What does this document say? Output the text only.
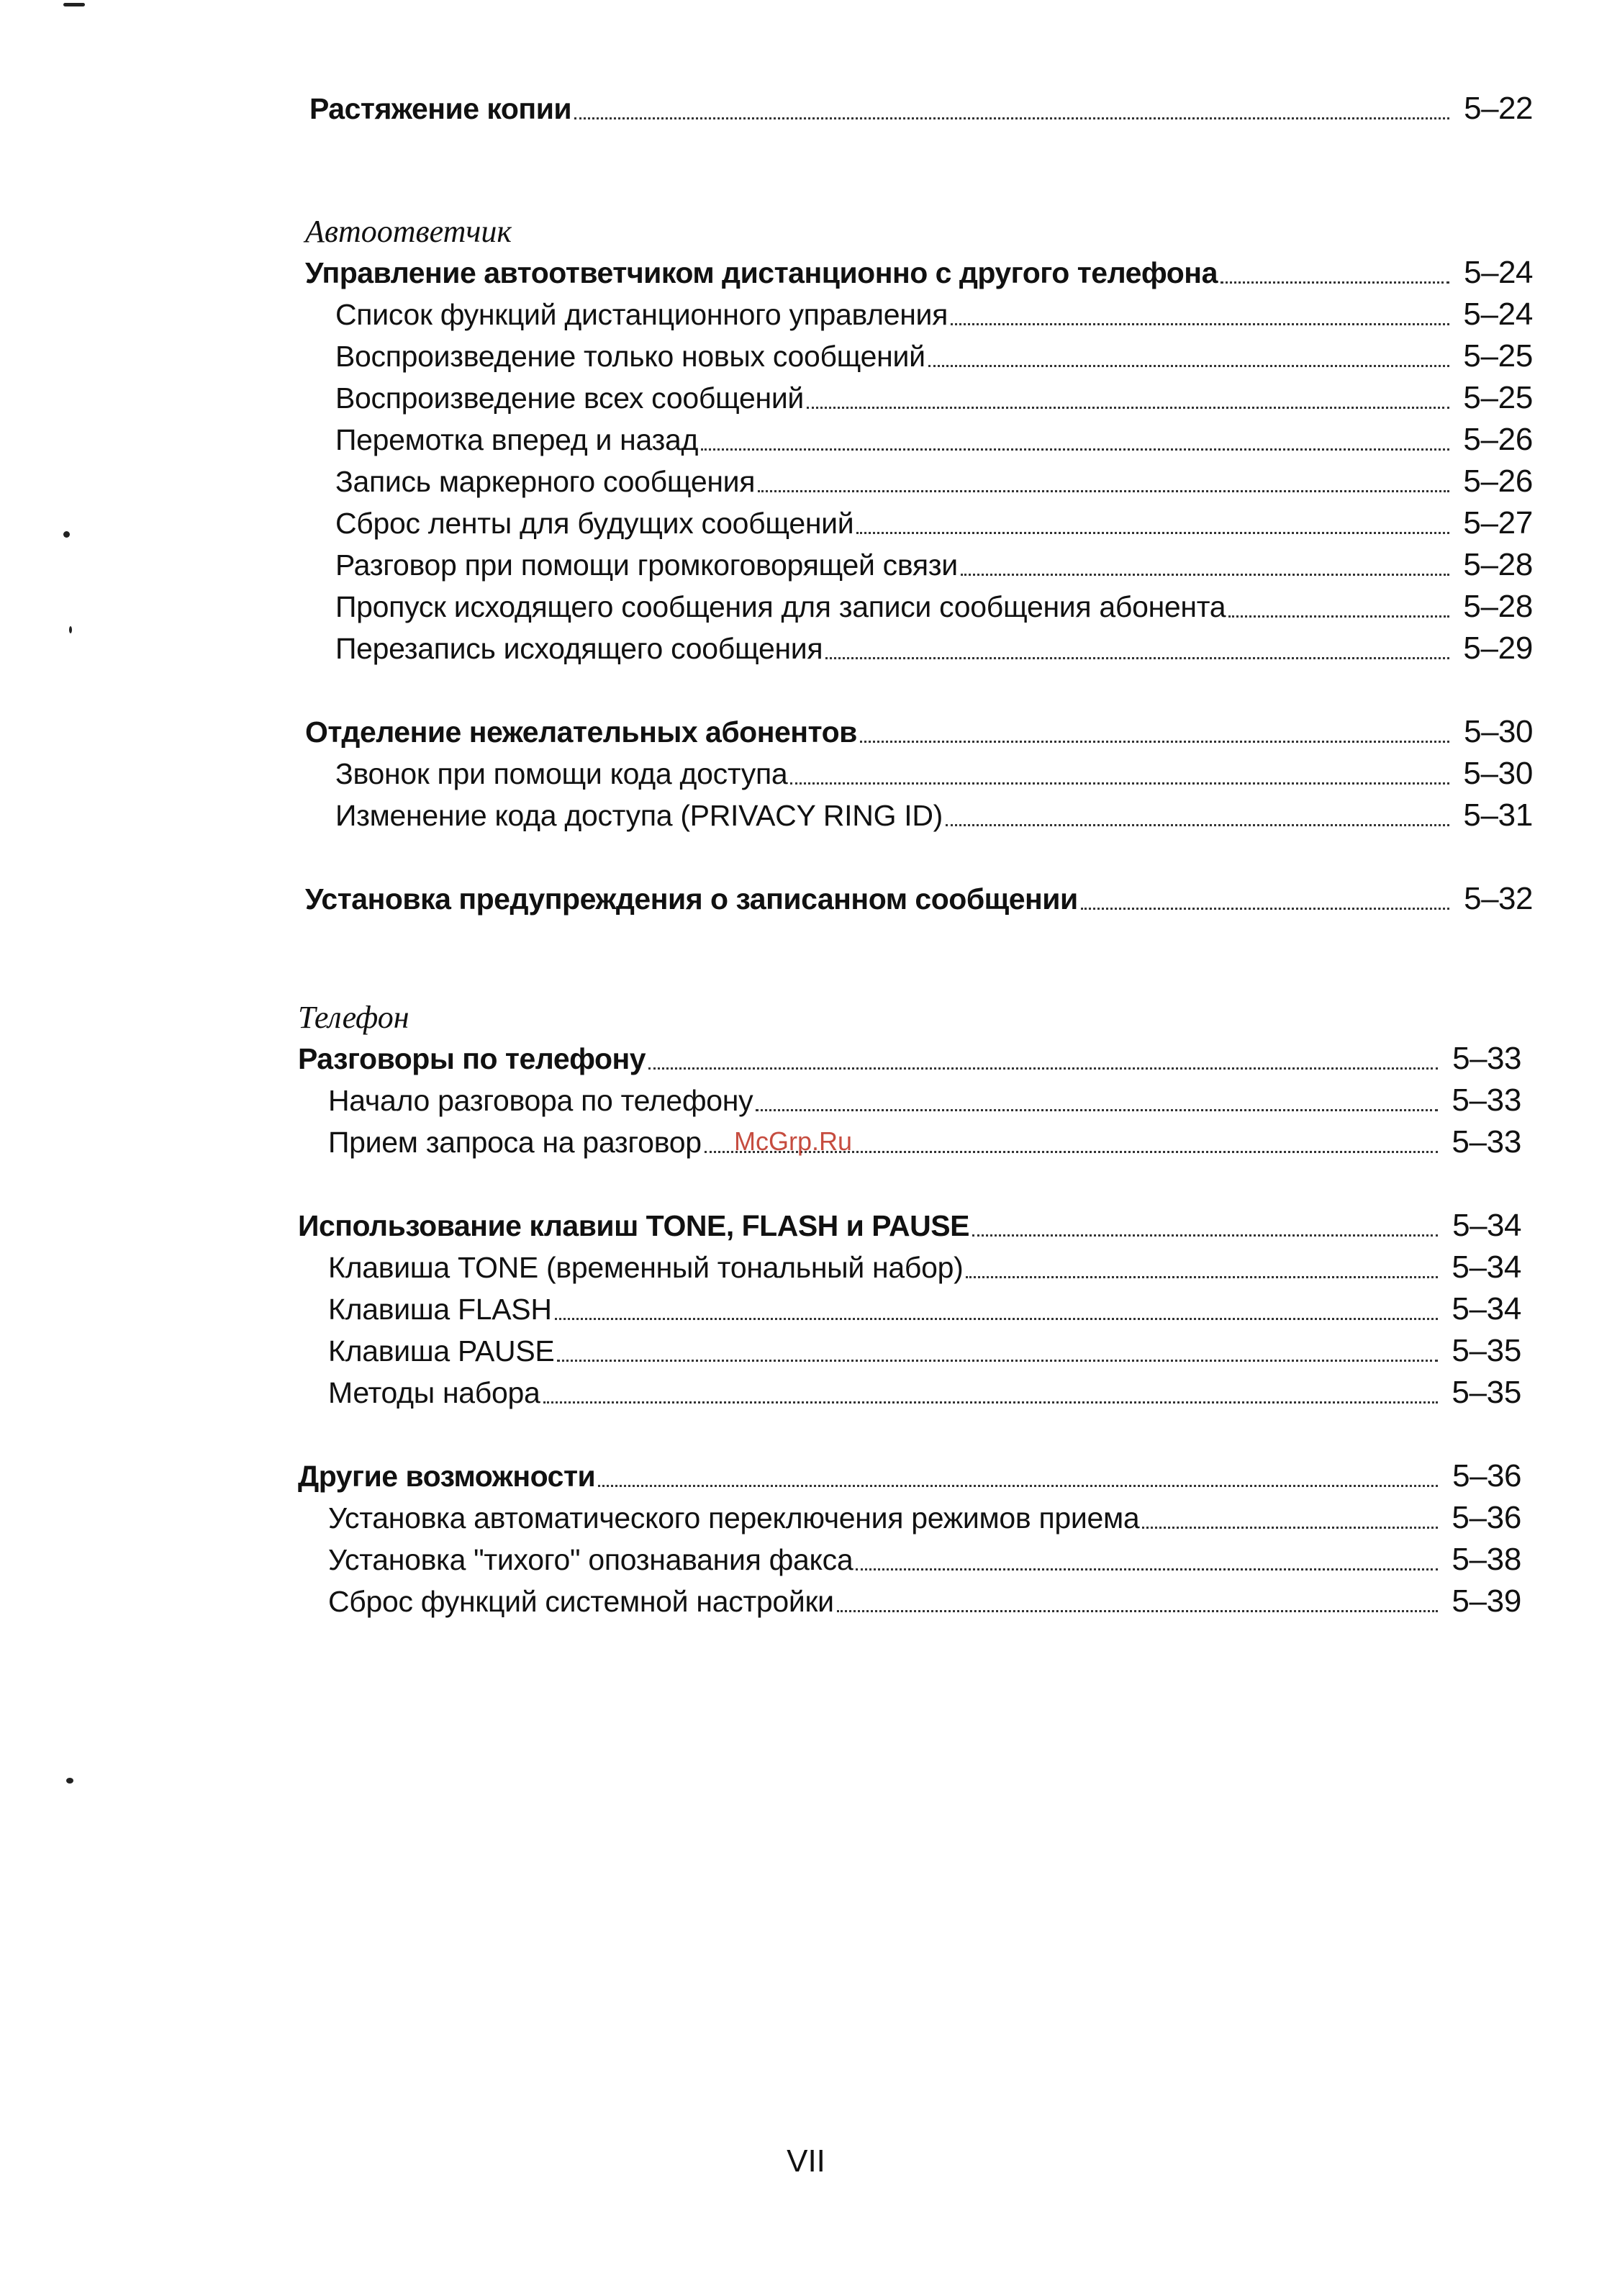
Растяжение копии	5–22
Автоответчик
Управление автоответчиком дистанционно с другого телефона	5–24
Список функций дистанционного управления	5–24
Воспроизведение только новых сообщений	5–25
Воспроизведение всех сообщений	5–25
Перемотка вперед и назад	5–26
Запись маркерного сообщения	5–26
Сброс ленты для будущих сообщений	5–27
Разговор при помощи громкоговорящей связи	5–28
Пропуск исходящего сообщения для записи сообщения абонента	5–28
Перезапись исходящего сообщения	5–29
Отделение нежелательных абонентов	5–30
Звонок при помощи кода доступа	5–30
Изменение кода доступа (PRIVACY RING ID)	5–31
Установка предупреждения о записанном сообщении	5–32
Телефон
Разговоры по телефону	5–33
Начало разговора по телефону	5–33
Прием запроса на разговор	5–33
Использование клавиш TONE, FLASH и PAUSE	5–34
Клавиша TONE (временный тональный набор)	5–34
Клавиша FLASH	5–34
Клавиша PAUSE	5–35
Методы набора	5–35
Другие возможности	5–36
Установка автоматического переключения режимов приема	5–36
Установка "тихого" опознавания факса	5–38
Сброс функций системной настройки	5–39
McGrp.Ru
VII
